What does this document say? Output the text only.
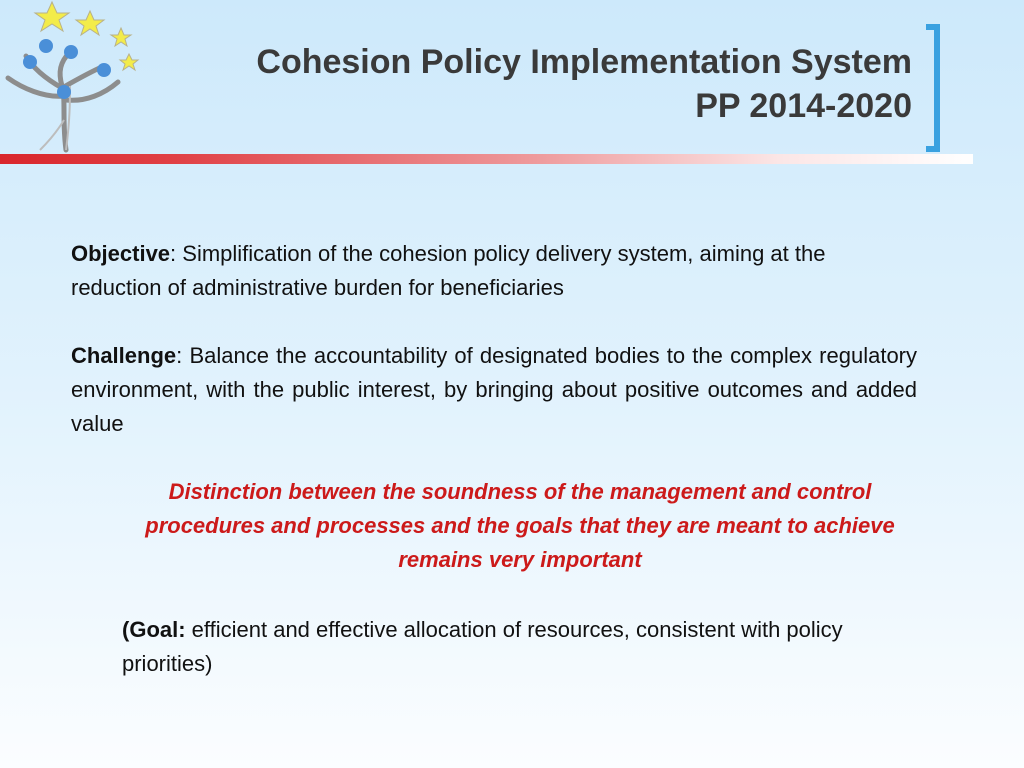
Cohesion Policy Implementation System
PP 2014-2020
Objective: Simplification of the cohesion policy delivery system, aiming at the reduction of administrative burden for beneficiaries
Challenge: Balance the accountability of designated bodies to the complex regulatory environment, with the public interest, by bringing about positive outcomes and added value
Distinction between the soundness of the management and control procedures and processes and the goals that they are meant to achieve remains very important
(Goal: efficient and effective allocation of resources, consistent with policy priorities)
